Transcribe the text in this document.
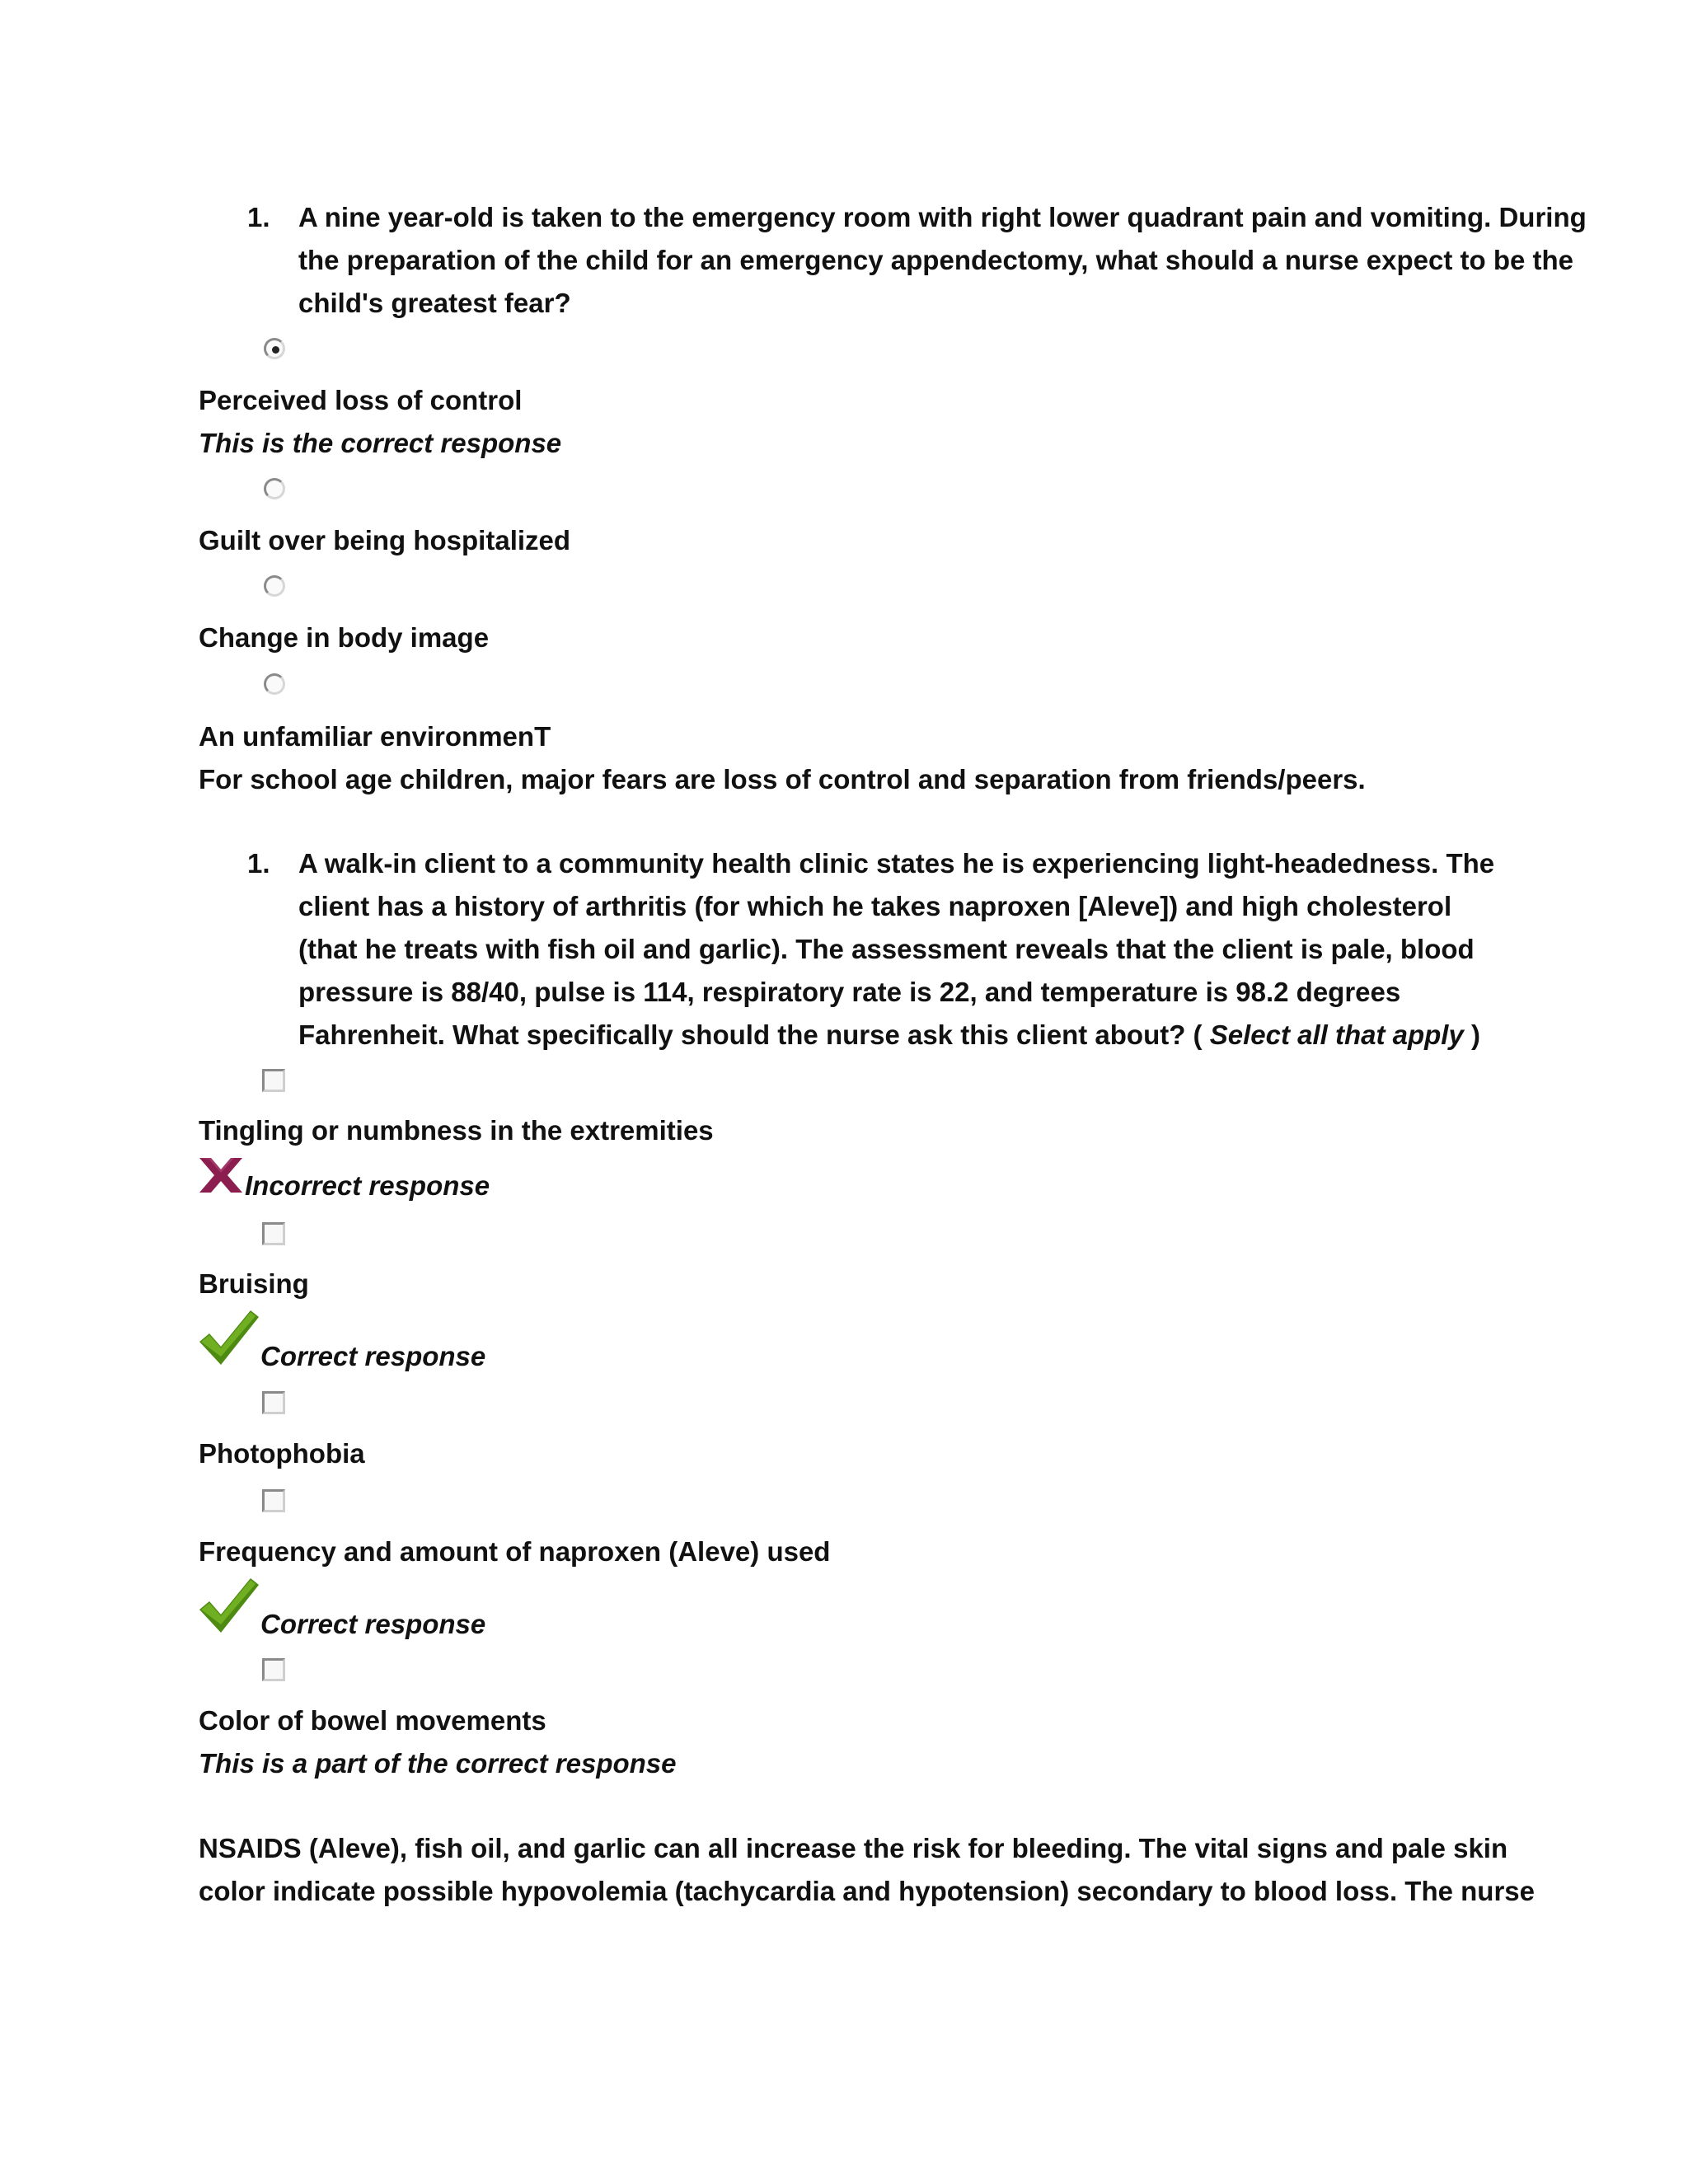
1. A nine year-old is taken to the emergency room with right lower quadrant pain and vomiting. During the preparation of the child for an emergency appendectomy, what should a nurse expect to be the child's greatest fear?
Perceived loss of control
This is the correct response
Guilt over being hospitalized
Change in body image
An unfamiliar environmenT
For school age children, major fears are loss of control and separation from friends/peers.
1. A walk-in client to a community health clinic states he is experiencing light-headedness. The client has a history of arthritis (for which he takes naproxen [Aleve]) and high cholesterol (that he treats with fish oil and garlic). The assessment reveals that the client is pale, blood pressure is 88/40, pulse is 114, respiratory rate is 22, and temperature is 98.2 degrees Fahrenheit. What specifically should the nurse ask this client about? ( Select all that apply )
Tingling or numbness in the extremities
Incorrect response
Bruising
Correct response
Photophobia
Frequency and amount of naproxen (Aleve) used
Correct response
Color of bowel movements
This is a part of the correct response
NSAIDS (Aleve), fish oil, and garlic can all increase the risk for bleeding. The vital signs and pale skin
color indicate possible hypovolemia (tachycardia and hypotension) secondary to blood loss. The nurse
